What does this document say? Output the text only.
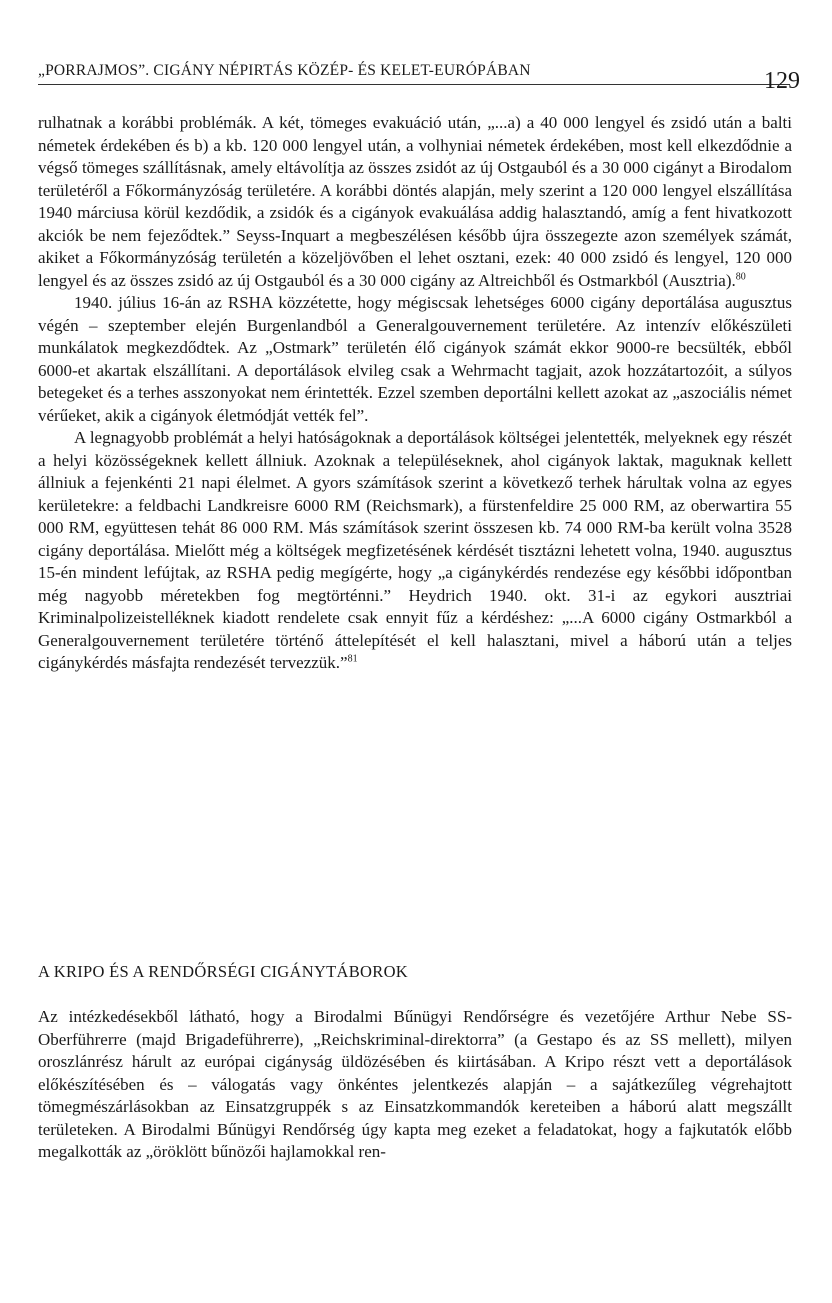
„PORRAJMOS”. CIGÁNY NÉPIRTÁS KÖZÉP- ÉS KELET-EURÓPÁBAN	129

rulhatnak a korábbi problémák. A két, tömeges evakuáció után, „...a) a 40 000 lengyel és zsidó után a balti németek érdekében és b) a kb. 120 000 lengyel után, a volhyniai németek érdekében, most kell elkezdődnie a végső tömeges szállításnak, amely eltávolítja az összes zsidót az új Ostgauból és a 30 000 cigányt a Birodalom területéről a Főkormányzóság területére. A korábbi döntés alapján, mely szerint a 120 000 lengyel elszállítása 1940 márciusa körül kezdődik, a zsidók és a cigányok evakuálása addig halasztandó, amíg a fent hivatkozott akciók be nem fejeződtek.” Seyss-Inquart a megbeszélésen később újra összegezte azon személyek számát, akiket a Főkormányzóság területén a közeljövőben el lehet osztani, ezek: 40 000 zsidó és lengyel, 120 000 lengyel és az összes zsidó az új Ostgauból és a 30 000 cigány az Altreichből és Ostmarkból (Ausztria).$^{80}$

1940. július 16-án az RSHA közzétette, hogy mégiscsak lehetséges 6000 cigány deportálása augusztus végén – szeptember elején Burgenlandból a Generalgouvernement területére. Az intenzív előkészületi munkálatok megkezdődtek. Az „Ostmark” területén élő cigányok számát ekkor 9000-re becsülték, ebből 6000-et akartak elszállítani. A deportálások elvileg csak a Wehrmacht tagjait, azok hozzátartozóit, a súlyos betegeket és a terhes asszonyokat nem érintették. Ezzel szemben deportálni kellett azokat az „aszociális német vérűeket, akik a cigányok életmódját vették fel”.

A legnagyobb problémát a helyi hatóságoknak a deportálások költségei jelentették, melyeknek egy részét a helyi közösségeknek kellett állniuk. Azoknak a településeknek, ahol cigányok laktak, maguknak kellett állniuk a fejenkénti 21 napi élelmet. A gyors számítások szerint a következő terhek hárultak volna az egyes kerületekre: a feldbachi Landkreisre 6000 RM (Reichsmark), a fürstenfeldire 25 000 RM, az oberwartira 55 000 RM, együttesen tehát 86 000 RM. Más számítások szerint összesen kb. 74 000 RM-ba került volna 3528 cigány deportálása. Mielőtt még a költségek megfizetésének kérdését tisztázni lehetett volna, 1940. augusztus 15-én mindent lefújtak, az RSHA pedig megígérte, hogy „a cigánykérdés rendezése egy későbbi időpontban még nagyobb méretekben fog megtörténni.” Heydrich 1940. okt. 31-i az egykori ausztriai Kriminalpolizeistelléknek kiadott rendelete csak ennyit fűz a kérdéshez: „...A 6000 cigány Ostmarkból a Generalgouvernement területére történő áttelepítését el kell halasztani, mivel a háború után a teljes cigánykérdés másfajta rendezését tervezzük.”$^{81}$

A KRIPO ÉS A RENDŐRSÉGI CIGÁNYTÁBOROK

Az intézkedésekből látható, hogy a Birodalmi Bűnügyi Rendőrségre és vezetőjére Arthur Nebe SS-Oberführerre (majd Brigadeführerre), „Reichskriminal-direktorra” (a Gestapo és az SS mellett), milyen oroszlánrész hárult az európai cigányság üldözésében és kiirtásában. A Kripo részt vett a deportálások előkészítésében és – válogatás vagy önkéntes jelentkezés alapján – a sajátkezűleg végrehajtott tömegmészárlásokban az Einsatzgruppék s az Einsatzkommandók kereteiben a háború alatt megszállt területeken. A Birodalmi Bűnügyi Rendőrség úgy kapta meg ezeket a feladatokat, hogy a fajkutatók előbb megalkották az „öröklött bűnözői hajlamokkal ren-
